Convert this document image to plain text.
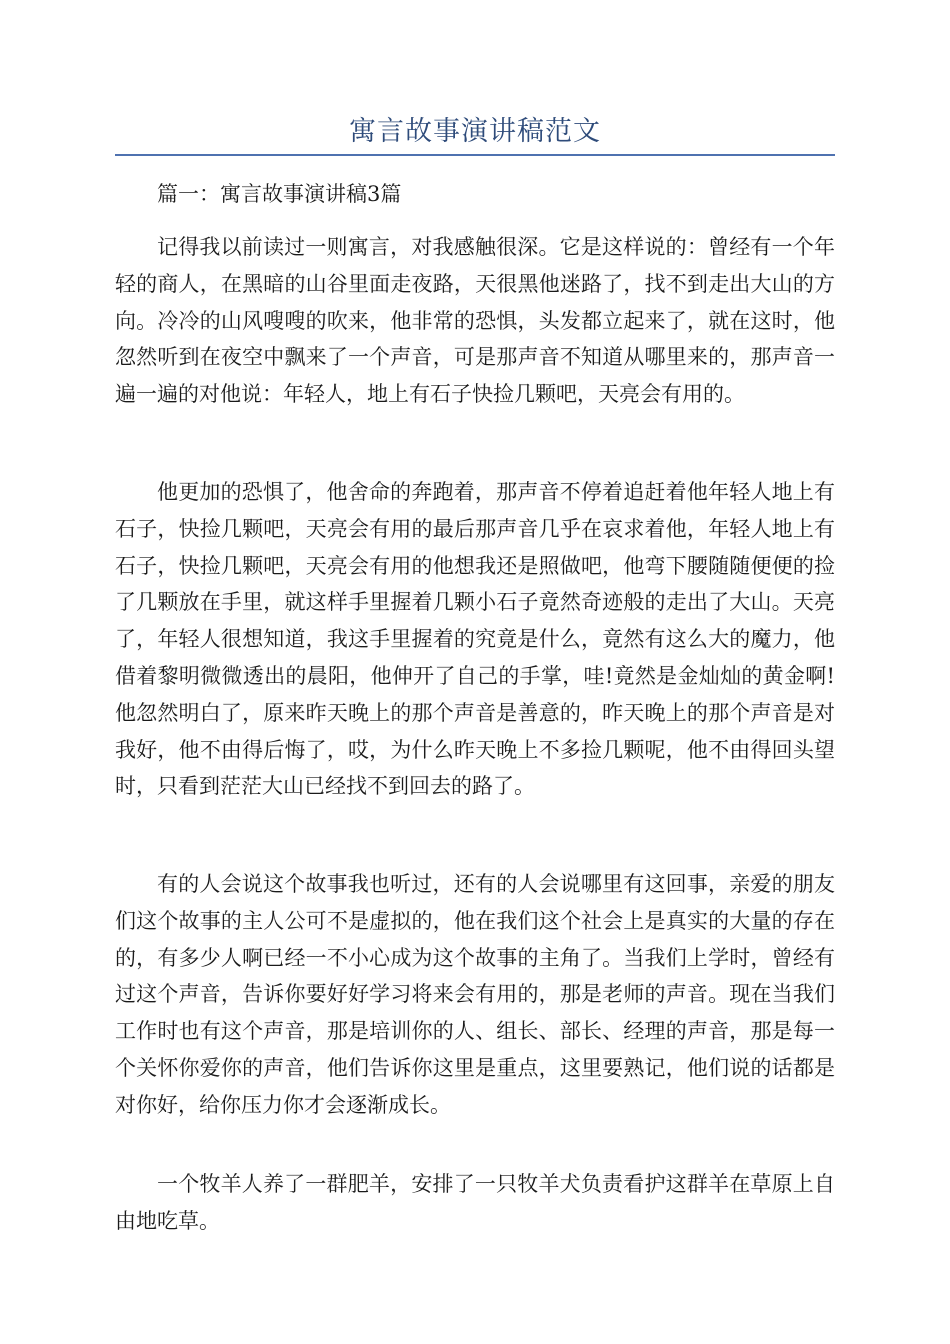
寓言故事演讲稿范文

篇一：寓言故事演讲稿3篇

记得我以前读过一则寓言，对我感触很深。它是这样说的：曾经有一个年轻的商人，在黑暗的山谷里面走夜路，天很黑他迷路了，找不到走出大山的方向。冷冷的山风嗖嗖的吹来，他非常的恐惧，头发都立起来了，就在这时，他忽然听到在夜空中飘来了一个声音，可是那声音不知道从哪里来的，那声音一遍一遍的对他说：年轻人，地上有石子快捡几颗吧，天亮会有用的。

他更加的恐惧了，他舍命的奔跑着，那声音不停着追赶着他年轻人地上有石子，快捡几颗吧，天亮会有用的最后那声音几乎在哀求着他，年轻人地上有石子，快捡几颗吧，天亮会有用的他想我还是照做吧，他弯下腰随随便便的捡了几颗放在手里，就这样手里握着几颗小石子竟然奇迹般的走出了大山。天亮了，年轻人很想知道，我这手里握着的究竟是什么，竟然有这么大的魔力，他借着黎明微微透出的晨阳，他伸开了自己的手掌，哇!竟然是金灿灿的黄金啊!他忽然明白了，原来昨天晚上的那个声音是善意的，昨天晚上的那个声音是对我好，他不由得后悔了，哎，为什么昨天晚上不多捡几颗呢，他不由得回头望时，只看到茫茫大山已经找不到回去的路了。

有的人会说这个故事我也听过，还有的人会说哪里有这回事，亲爱的朋友们这个故事的主人公可不是虚拟的，他在我们这个社会上是真实的大量的存在的，有多少人啊已经一不小心成为这个故事的主角了。当我们上学时，曾经有过这个声音，告诉你要好好学习将来会有用的，那是老师的声音。现在当我们工作时也有这个声音，那是培训你的人、组长、部长、经理的声音，那是每一个关怀你爱你的声音，他们告诉你这里是重点，这里要熟记，他们说的话都是对你好，给你压力你才会逐渐成长。

一个牧羊人养了一群肥羊，安排了一只牧羊犬负责看护这群羊在草原上自由地吃草。
